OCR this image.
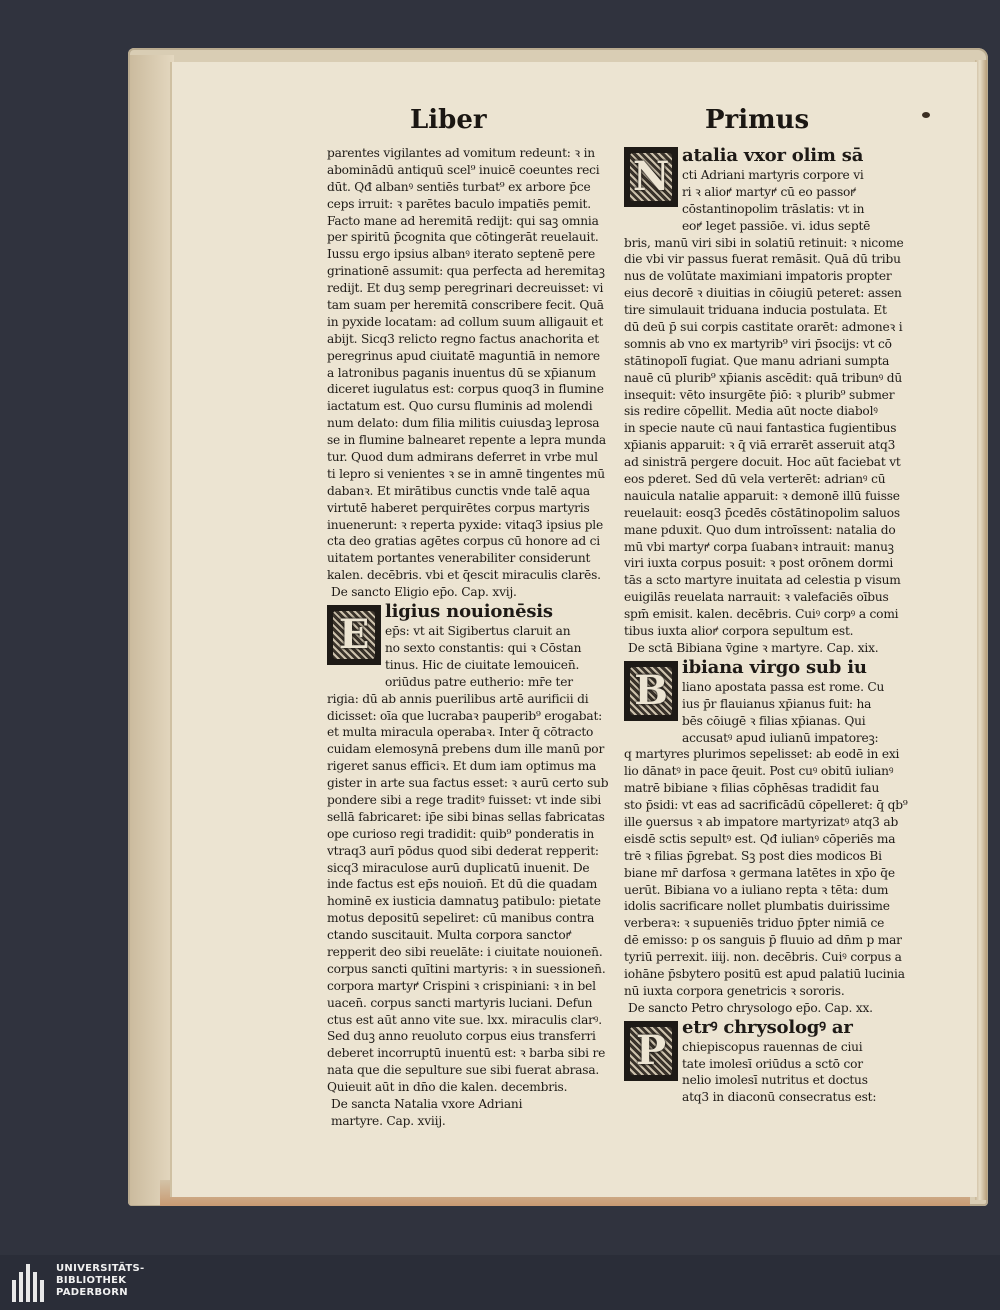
Liber	Primus
parentes vigilantes ad vomitum redeunt: ꝛ in
abominādū antiquū scel⁹ inuicē coeuntes reci
dūt. Qđ albanꝰ sentiēs turbat⁹ ex arbore p̄ce
ceps irruit: ꝛ parētes baculo impatiēs pemit.
Facto mane ad heremitā redijt: qui saꝫ omnia
per spiritū p̄cognita que cōtingerāt reuelauit.
Iussu ergo ipsius albanꝰ iterato septenē pere
grinationē assumit: qua perfecta ad heremitaꝫ
redijt. Et duꝫ semp peregrinari decreuisset: vi
tam suam per heremitā conscribere fecit. Quā
in pyxide locatam: ad collum suum alligauit et
abijt. Sicq3 relicto regno factus anachorita et
peregrinus apud ciuitatē maguntiā in nemore
a latronibus paganis inuentus dū se xp̄ianum
diceret iugulatus est: corpus quoq3 in flumine
iactatum est. Quo cursu fluminis ad molendi
num delato: dum filia militis cuiusdaꝫ leprosa
se in flumine balnearet repente a lepra munda
tur. Quod dum admirans deferret in vrbe mul
ti lepro si venientes ꝛ se in amnē tingentes mū
dabanꝛ. Et mirātibus cunctis vnde talē aqua
virtutē haberet perquirētes corpus martyris
inuenerunt: ꝛ reperta pyxide: vitaq3 ipsius ple
cta deo gratias agētes corpus cū honore ad ci
uitatem portantes venerabiliter considerunt
kalen. decēbris. vbi et q̄escit miraculis clarēs.
De sancto Eligio ep̄o. Cap. xvij.
E ligius nouionēsis
ep̄s: vt ait Sigibertus claruit an
no sexto constantis: qui ꝛ Cōstan
tinus. Hic de ciuitate lemouicen̄.
oriūdus patre eutherio: mr̄e ter
rigia: dū ab annis puerilibus artē aurificii di
dicisset: oīa que lucrabaꝛ pauperib⁹ erogabat:
et multa miracula operabaꝛ. Inter q̄ cōtracto
cuidam elemosynā prebens dum ille manū por
rigeret sanus efficiꝛ. Et dum iam optimus ma
gister in arte sua factus esset: ꝛ aurū certo sub
pondere sibi a rege traditꝰ fuisset: vt inde sibi
sellā fabricaret: ip̄e sibi binas sellas fabricatas
ope curioso regi tradidit: quib⁹ ponderatis in
vtraq3 aurī pōdus quod sibi dederat repperit:
sicq3 miraculose aurū duplicatū inuenit. De
inde factus est ep̄s nouion̄. Et dū die quadam
hominē ex iusticia damnatuꝫ patibulo: pietate
motus depositū sepeliret: cū manibus contra
ctando suscitauit. Multa corpora sanctoꝵ
repperit deo sibi reuelāte: i ciuitate nouionen̄.
corpus sancti quītini martyris: ꝛ in suessionen̄.
corpora martyꝵ Crispini ꝛ crispiniani: ꝛ in bel
uacen̄. corpus sancti martyris luciani. Defun
ctus est aūt anno vite sue. lxx. miraculis clarꝰ.
Sed duꝫ anno reuoluto corpus eius transferri
deberet incorruptū inuentū est: ꝛ barba sibi re
nata que die sepulture sue sibi fuerat abrasa.
Quieuit aūt in dn̄o die kalen. decembris.
De sancta Natalia vxore Adriani
martyre. Cap. xviij.
N atalia vxor olim sā
cti Adriani martyris corpore vi
ri ꝛ alioꝵ martyꝵ cū eo passoꝵ
cōstantinopolim trāslatis: vt in
eoꝵ leget passiōe. vi. idus septē
bris, manū viri sibi in solatiū retinuit: ꝛ nicome
die vbi vir passus fuerat remāsit. Quā dū tribu
nus de volūtate maximiani impatoris propter
eius decorē ꝛ diuitias in cōiugiū peteret: assen
tire simulauit triduana inducia postulata. Et
dū deū p̄ sui corpis castitate orarēt: admoneꝛ i
somnis ab vno ex martyrib⁹ viri p̄socijs: vt cō
stātinopolī fugiat. Que manu adriani sumpta
nauē cū plurib⁹ xp̄ianis ascēdit: quā tribunꝰ dū
insequit: vēto insurgēte p̄iō: ꝛ plurib⁹ submer
sis redire cōpellit. Media aūt nocte diabolꝰ
in specie naute cū naui fantastica fugientibus
xp̄ianis apparuit: ꝛ q̄ viā errarēt asseruit atq3
ad sinistrā pergere docuit. Hoc aūt faciebat vt
eos pderet. Sed dū vela verterēt: adrianꝰ cū
nauicula natalie apparuit: ꝛ demonē illū fuisse
reuelauit: eosq3 p̄cedēs cōstātinopolim saluos
mane pduxit. Quo dum introīssent: natalia do
mū vbi martyꝵ corpa ſuabanꝛ intrauit: manuꝫ
viri iuxta corpus posuit: ꝛ post orōnem dormi
tās a scto martyre inuitata ad celestia p visum
euigilās reuelata narrauit: ꝛ valefaciēs oībus
spm̄ emisit. kalen. decēbris. Cuiꝰ corpꝰ a comi
tibus iuxta alioꝵ corpora sepultum est.
De sctā Bibiana v̄gine ꝛ martyre. Cap. xix.
B ibiana virgo sub iu
liano apostata passa est rome. Cu
ius p̄r flauianus xp̄ianus fuit: ha
bēs cōiugē ꝛ filias xp̄ianas. Qui
accusatꝰ apud iulianū impatoreꝫ:
q martyres plurimos sepelisset: ab eodē in exi
lio dānatꝰ in pace q̄euit. Post cuꝰ obitū iulianꝰ
matrē bibiane ꝛ filias cōphēsas tradidit fau
sto p̄sidi: vt eas ad sacrificādū cōpelleret: q̄ qb⁹
ille ꝯuersus ꝛ ab impatore martyrizatꝰ atq3 ab
eisdē sctis sepultꝰ est. Qđ iulianꝰ cōperiēs ma
trē ꝛ filias p̄grebat. Sꝫ post dies modicos Bi
biane mr̄ darfosa ꝛ germana latētes in xp̄o q̄e
uerūt. Bibiana vo a iuliano repta ꝛ tēta: dum
idolis sacrificare nollet plumbatis duirissime
verberaꝛ: ꝛ supueniēs triduo p̄pter nimiā ce
dē emisso: p os sanguis p̄ fluuio ad dn̄m p mar
tyriū perrexit. iiij. non. decēbris. Cuiꝰ corpus a
iohāne p̄sbytero positū est apud palatiū lucinia
nū iuxta corpora genetricis ꝛ sororis.
De sancto Petro chrysologo ep̄o. Cap. xx.
P etrꝰ chrysologꝰ ar
chiepiscopus rauennas de ciui
tate imolesī oriūdus a sctō cor
nelio imolesī nutritus et doctus
atq3 in diaconū consecratus est:
UNIVERSITÄTS-
BIBLIOTHEK
PADERBORN
